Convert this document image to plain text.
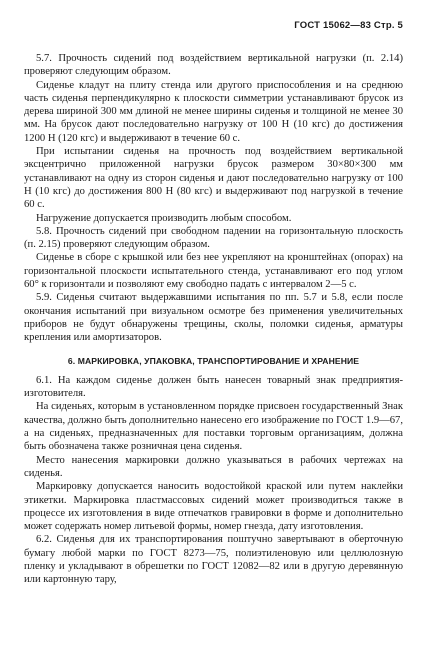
ГОСТ 15062—83 Стр. 5

5.7. Прочность сидений под воздействием вертикальной нагрузки (п. 2.14) проверяют следующим образом.

Сиденье кладут на плиту стенда или другого приспособления и на среднюю часть сиденья перпендикулярно к плоскости симметрии устанавливают брусок из дерева шириной 300 мм длиной не менее ширины сиденья и толщиной не менее 30 мм. На брусок дают последовательно нагрузку от 100 Н (10 кгс) до достижения 1200 Н (120 кгс) и выдерживают в течение 60 с.

При испытании сиденья на прочность под воздействием вертикальной эксцентрично приложенной нагрузки брусок размером 30×80×300 мм устанавливают на одну из сторон сиденья и дают последовательно нагрузку от 100 Н (10 кгс) до достижения 800 Н (80 кгс) и выдерживают под нагрузкой в течение 60 с.

Нагружение допускается производить любым способом.

5.8. Прочность сидений при свободном падении на горизонтальную плоскость (п. 2.15) проверяют следующим образом.

Сиденье в сборе с крышкой или без нее укрепляют на кронштейнах (опорах) на горизонтальной плоскости испытательного стенда, устанавливают его под углом 60° к горизонтали и позволяют ему свободно падать с интервалом 2—5 с.

5.9. Сиденья считают выдержавшими испытания по пп. 5.7 и 5.8, если после окончания испытаний при визуальном осмотре без применения увеличительных приборов не будут обнаружены трещины, сколы, поломки сиденья, арматуры крепления или амортизаторов.

6. МАРКИРОВКА, УПАКОВКА, ТРАНСПОРТИРОВАНИЕ И ХРАНЕНИЕ

6.1. На каждом сиденье должен быть нанесен товарный знак предприятия-изготовителя.

На сиденьях, которым в установленном порядке присвоен государственный Знак качества, должно быть дополнительно нанесено его изображение по ГОСТ 1.9—67, а на сиденьях, предназначенных для поставки торговым организациям, должна быть обозначена также розничная цена сиденья.

Место нанесения маркировки должно указываться в рабочих чертежах на сиденья.

Маркировку допускается наносить водостойкой краской или путем наклейки этикетки. Маркировка пластмассовых сидений может производиться также в процессе их изготовления в виде отпечатков гравировки в форме и дополнительно может содержать номер литьевой формы, номер гнезда, дату изготовления.

6.2. Сиденья для их транспортирования поштучно завертывают в оберточную бумагу любой марки по ГОСТ 8273—75, полиэтиленовую или целлюлозную пленку и укладывают в обрешетки по ГОСТ 12082—82 или в другую деревянную или картонную тару,
